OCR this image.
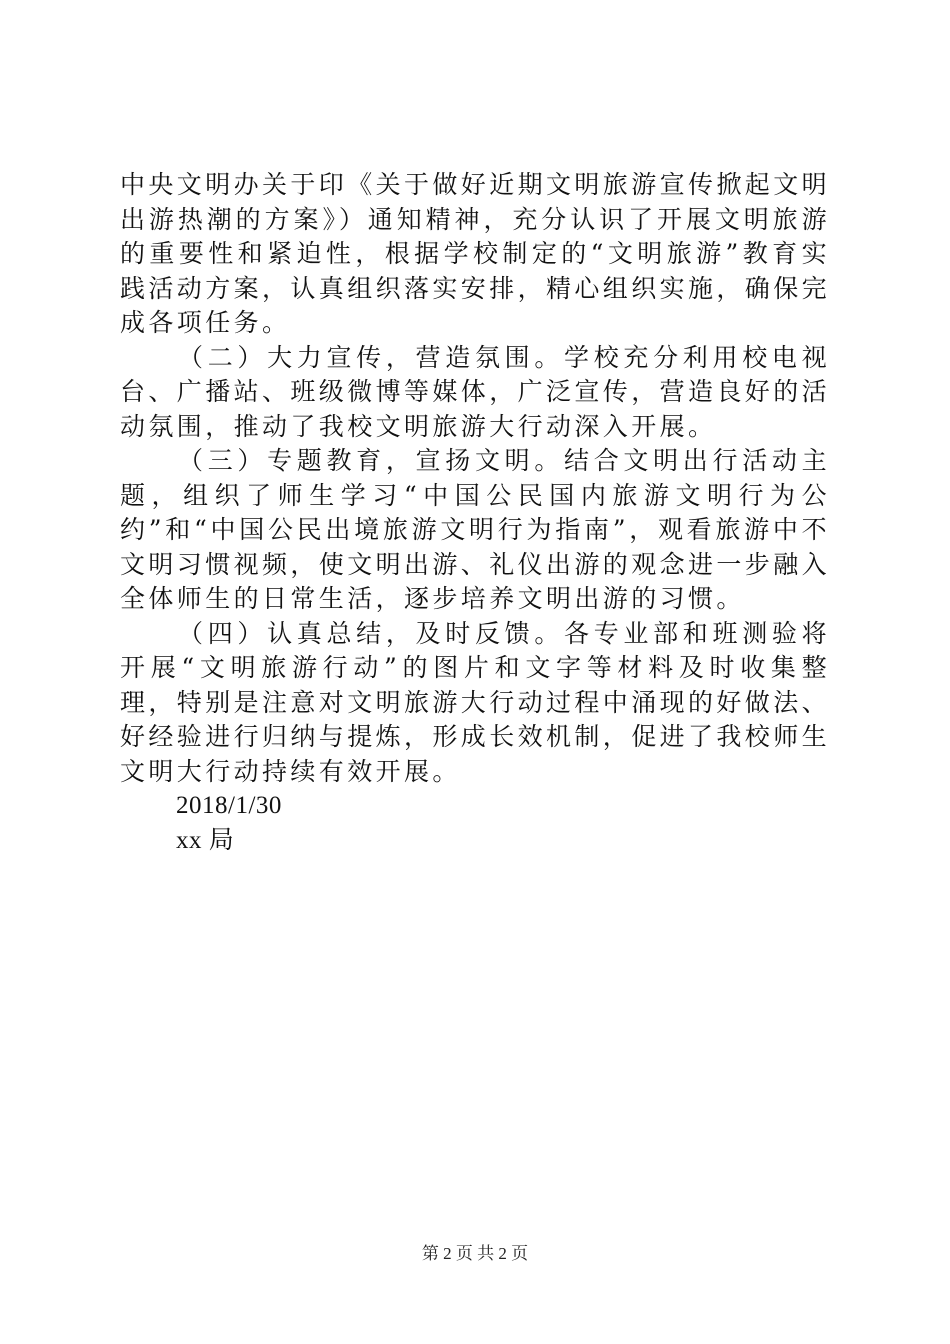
中央文明办关于印《关于做好近期文明旅游宣传掀起文明出游热潮的方案》）通知精神，充分认识了开展文明旅游的重要性和紧迫性，根据学校制定的“文明旅游”教育实践活动方案，认真组织落实安排，精心组织实施，确保完成各项任务。

（二）大力宣传，营造氛围。学校充分利用校电视台、广播站、班级微博等媒体，广泛宣传，营造良好的活动氛围，推动了我校文明旅游大行动深入开展。

（三）专题教育，宣扬文明。结合文明出行活动主题，组织了师生学习“中国公民国内旅游文明行为公约”和“中国公民出境旅游文明行为指南”，观看旅游中不文明习惯视频，使文明出游、礼仪出游的观念进一步融入全体师生的日常生活，逐步培养文明出游的习惯。

（四）认真总结，及时反馈。各专业部和班测验将开展“文明旅游行动”的图片和文字等材料及时收集整理，特别是注意对文明旅游大行动过程中涌现的好做法、好经验进行归纳与提炼，形成长效机制，促进了我校师生文明大行动持续有效开展。

2018/1/30

xx 局

第 2 页 共 2 页
